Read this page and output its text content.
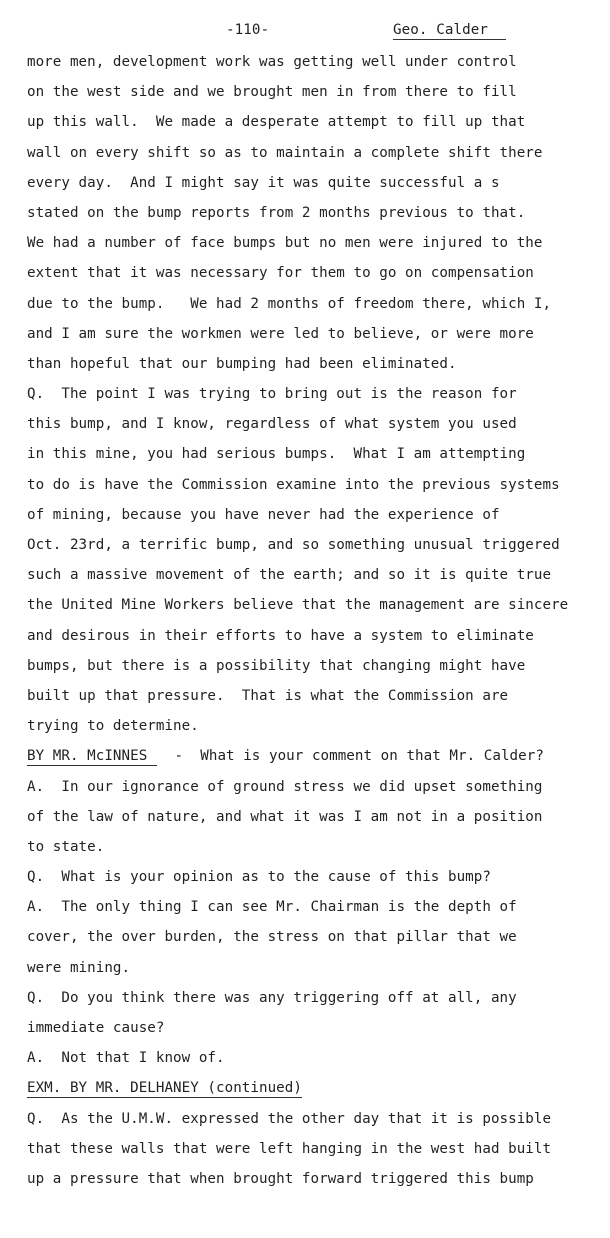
-110-	Geo. Calder
more men, development work was getting well under control
on the west side and we brought men in from there to fill
up this wall.  We made a desperate attempt to fill up that
wall on every shift so as to maintain a complete shift there
every day.  And I might say it was quite successful a s
stated on the bump reports from 2 months previous to that.
We had a number of face bumps but no men were injured to the
extent that it was necessary for them to go on compensation
due to the bump.   We had 2 months of freedom there, which I,
and I am sure the workmen were led to believe, or were more
than hopeful that our bumping had been eliminated.
Q.  The point I was trying to bring out is the reason for
this bump, and I know, regardless of what system you used
in this mine, you had serious bumps.  What I am attempting
to do is have the Commission examine into the previous systems
of mining, because you have never had the experience of
Oct. 23rd, a terrific bump, and so something unusual triggered
such a massive movement of the earth; and so it is quite true
the United Mine Workers believe that the management are sincere
and desirous in their efforts to have a system to eliminate
bumps, but there is a possibility that changing might have
built up that pressure.  That is what the Commission are
trying to determine.
BY MR. McINNES  -  What is your comment on that Mr. Calder?
A.  In our ignorance of ground stress we did upset something
of the law of nature, and what it was I am not in a position
to state.
Q.  What is your opinion as to the cause of this bump?
A.  The only thing I can see Mr. Chairman is the depth of
cover, the over burden, the stress on that pillar that we
were mining.
Q.  Do you think there was any triggering off at all, any
immediate cause?
A.  Not that I know of.
EXM. BY MR. DELHANEY (continued)
Q.  As the U.M.W. expressed the other day that it is possible
that these walls that were left hanging in the west had built
up a pressure that when brought forward triggered this bump
